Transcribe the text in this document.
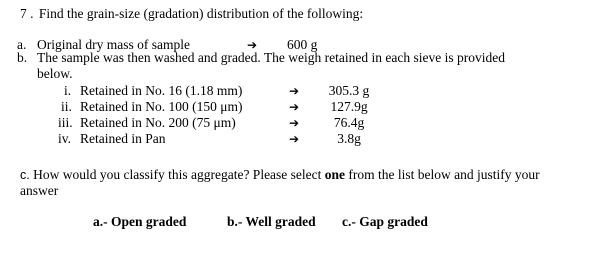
7 . Find the grain-size (gradation) distribution of the following:
a. Original dry mass of sample	➔ 600 g
b. The sample was then washed and graded. The weigh retained in each sieve is provided
below.
i. Retained in No. 16 (1.18 mm)	➔ 305.3 g
ii. Retained in No. 100 (150 μm)	➔ 127.9g
iii. Retained in No. 200 (75 μm)	➔	76.4g
iv. Retained in Pan	➔	3.8g
c. How would you classify this aggregate? Please select one from the list below and justify your
answer
a.- Open graded	b.- Well graded c.- Gap graded
